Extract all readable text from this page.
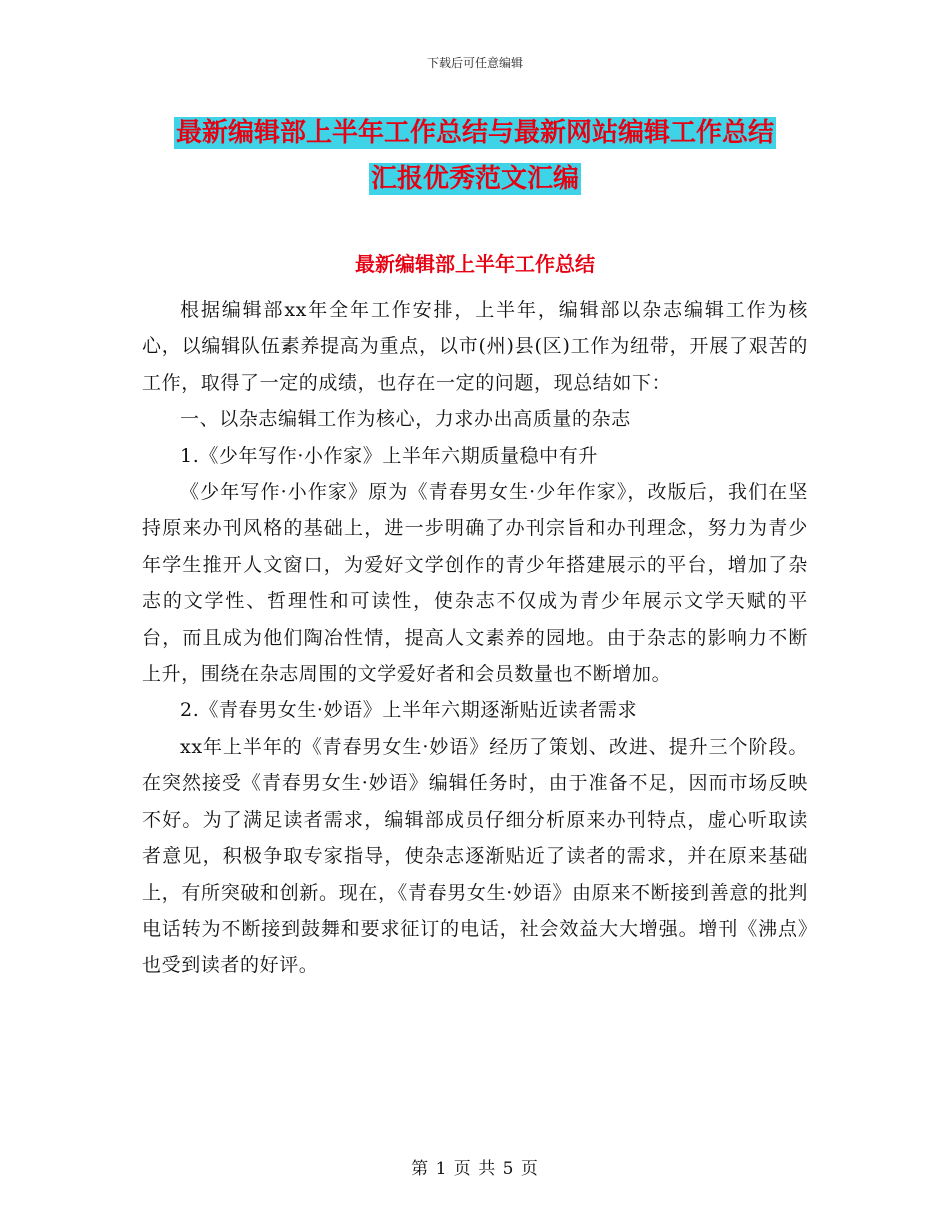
下载后可任意编辑
最新编辑部上半年工作总结与最新网站编辑工作总结
汇报优秀范文汇编
最新编辑部上半年工作总结

根据编辑部xx年全年工作安排，上半年，编辑部以杂志编辑工作为核心，以编辑队伍素养提高为重点，以市(州)县(区)工作为纽带，开展了艰苦的工作，取得了一定的成绩，也存在一定的问题，现总结如下：

一、以杂志编辑工作为核心，力求办出高质量的杂志

1.《少年写作·小作家》上半年六期质量稳中有升

《少年写作·小作家》原为《青春男女生·少年作家》，改版后，我们在坚持原来办刊风格的基础上，进一步明确了办刊宗旨和办刊理念，努力为青少年学生推开人文窗口，为爱好文学创作的青少年搭建展示的平台，增加了杂志的文学性、哲理性和可读性，使杂志不仅成为青少年展示文学天赋的平台，而且成为他们陶冶性情，提高人文素养的园地。由于杂志的影响力不断上升，围绕在杂志周围的文学爱好者和会员数量也不断增加。

2.《青春男女生·妙语》上半年六期逐渐贴近读者需求

xx年上半年的《青春男女生·妙语》经历了策划、改进、提升三个阶段。在突然接受《青春男女生·妙语》编辑任务时，由于准备不足，因而市场反映不好。为了满足读者需求，编辑部成员仔细分析原来办刊特点，虚心听取读者意见，积极争取专家指导，使杂志逐渐贴近了读者的需求，并在原来基础上，有所突破和创新。现在，《青春男女生·妙语》由原来不断接到善意的批判电话转为不断接到鼓舞和要求征订的电话，社会效益大大增强。增刊《沸点》也受到读者的好评。

第 1 页 共 5 页
